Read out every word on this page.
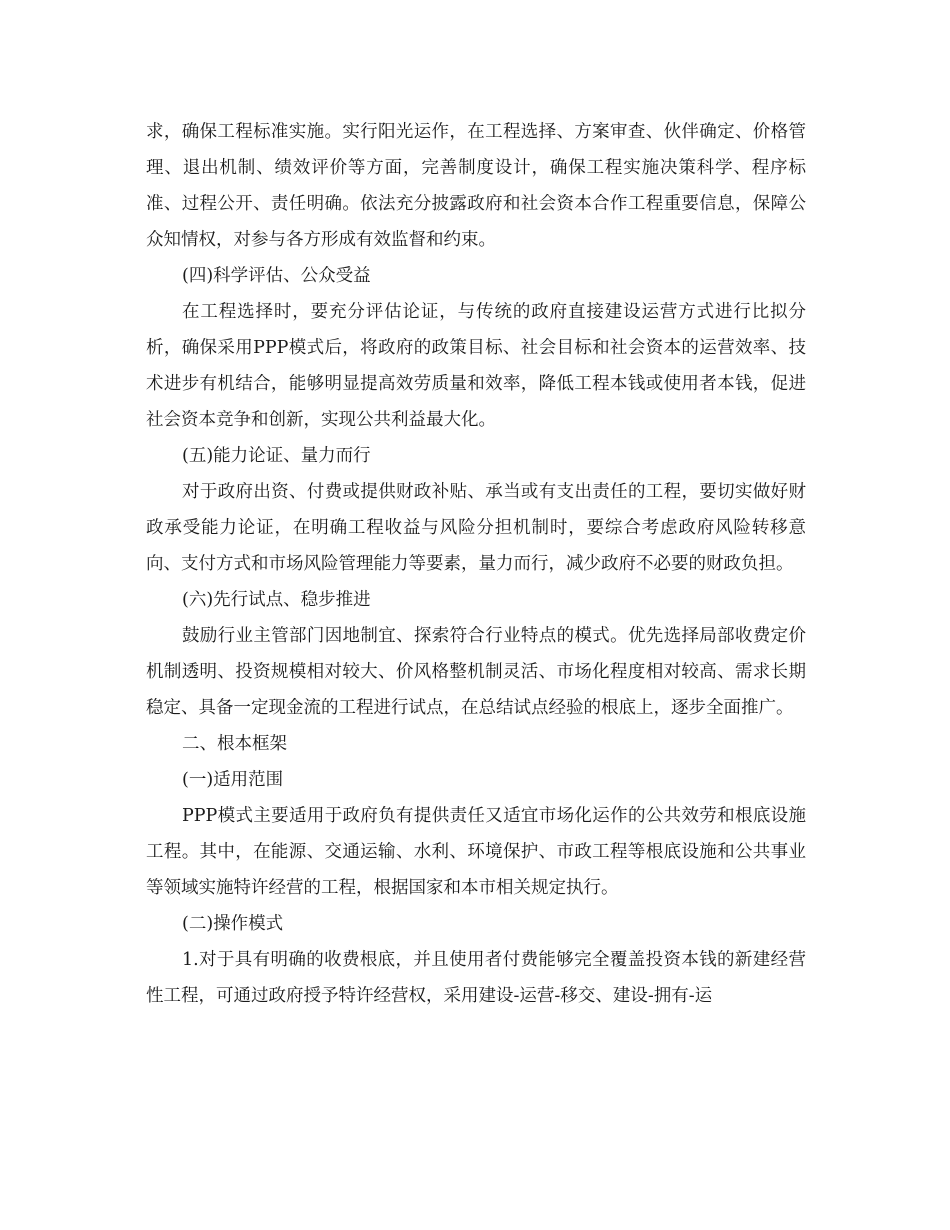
求，确保工程标准实施。实行阳光运作，在工程选择、方案审查、伙伴确定、价格管理、退出机制、绩效评价等方面，完善制度设计，确保工程实施决策科学、程序标准、过程公开、责任明确。依法充分披露政府和社会资本合作工程重要信息，保障公众知情权，对参与各方形成有效监督和约束。

(四)科学评估、公众受益

在工程选择时，要充分评估论证，与传统的政府直接建设运营方式进行比拟分析，确保采用PPP模式后，将政府的政策目标、社会目标和社会资本的运营效率、技术进步有机结合，能够明显提高效劳质量和效率，降低工程本钱或使用者本钱，促进社会资本竞争和创新，实现公共利益最大化。

(五)能力论证、量力而行

对于政府出资、付费或提供财政补贴、承当或有支出责任的工程，要切实做好财政承受能力论证，在明确工程收益与风险分担机制时，要综合考虑政府风险转移意向、支付方式和市场风险管理能力等要素，量力而行，减少政府不必要的财政负担。

(六)先行试点、稳步推进

鼓励行业主管部门因地制宜、探索符合行业特点的模式。优先选择局部收费定价机制透明、投资规模相对较大、价风格整机制灵活、市场化程度相对较高、需求长期稳定、具备一定现金流的工程进行试点，在总结试点经验的根底上，逐步全面推广。

二、根本框架

(一)适用范围

PPP模式主要适用于政府负有提供责任又适宜市场化运作的公共效劳和根底设施工程。其中，在能源、交通运输、水利、环境保护、市政工程等根底设施和公共事业等领域实施特许经营的工程，根据国家和本市相关规定执行。

(二)操作模式

1.对于具有明确的收费根底，并且使用者付费能够完全覆盖投资本钱的新建经营性工程，可通过政府授予特许经营权，采用建设-运营-移交、建设-拥有-运
